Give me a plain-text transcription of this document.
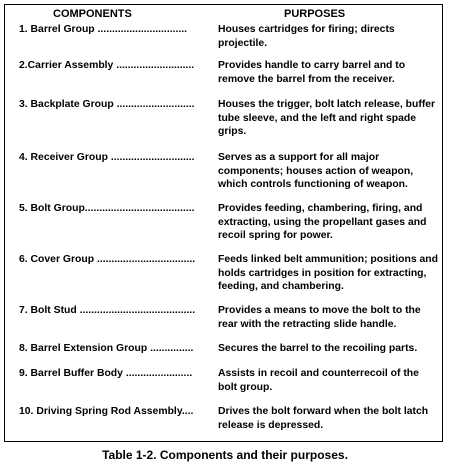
COMPONENTS	PURPOSES
1. Barrel Group ...............................	Houses cartridges for firing; directs projectile.
2.Carrier Assembly ...........................	Provides handle to carry barrel and to remove the barrel from the receiver.
3. Backplate Group ...........................	Houses the trigger, bolt latch release, buffer tube sleeve, and the left and right spade grips.
4. Receiver Group .............................	Serves as a support for all major components; houses action of weapon, which controls functioning of weapon.
5. Bolt Group......................................	Provides feeding, chambering, firing, and extracting, using the propellant gases and recoil spring for power.
6. Cover Group ..................................	Feeds linked belt ammunition; positions and holds cartridges in position for extracting, feeding, and chambering.
7. Bolt Stud ........................................	Provides a means to move the bolt to the rear with the retracting slide handle.
8. Barrel Extension Group ...............	Secures the barrel to the recoiling parts.
9. Barrel Buffer Body .......................	Assists in recoil and counterrecoil of the bolt group.
10. Driving Spring Rod Assembly....	Drives the bolt forward when the bolt latch release is depressed.
Table 1-2. Components and their purposes.
